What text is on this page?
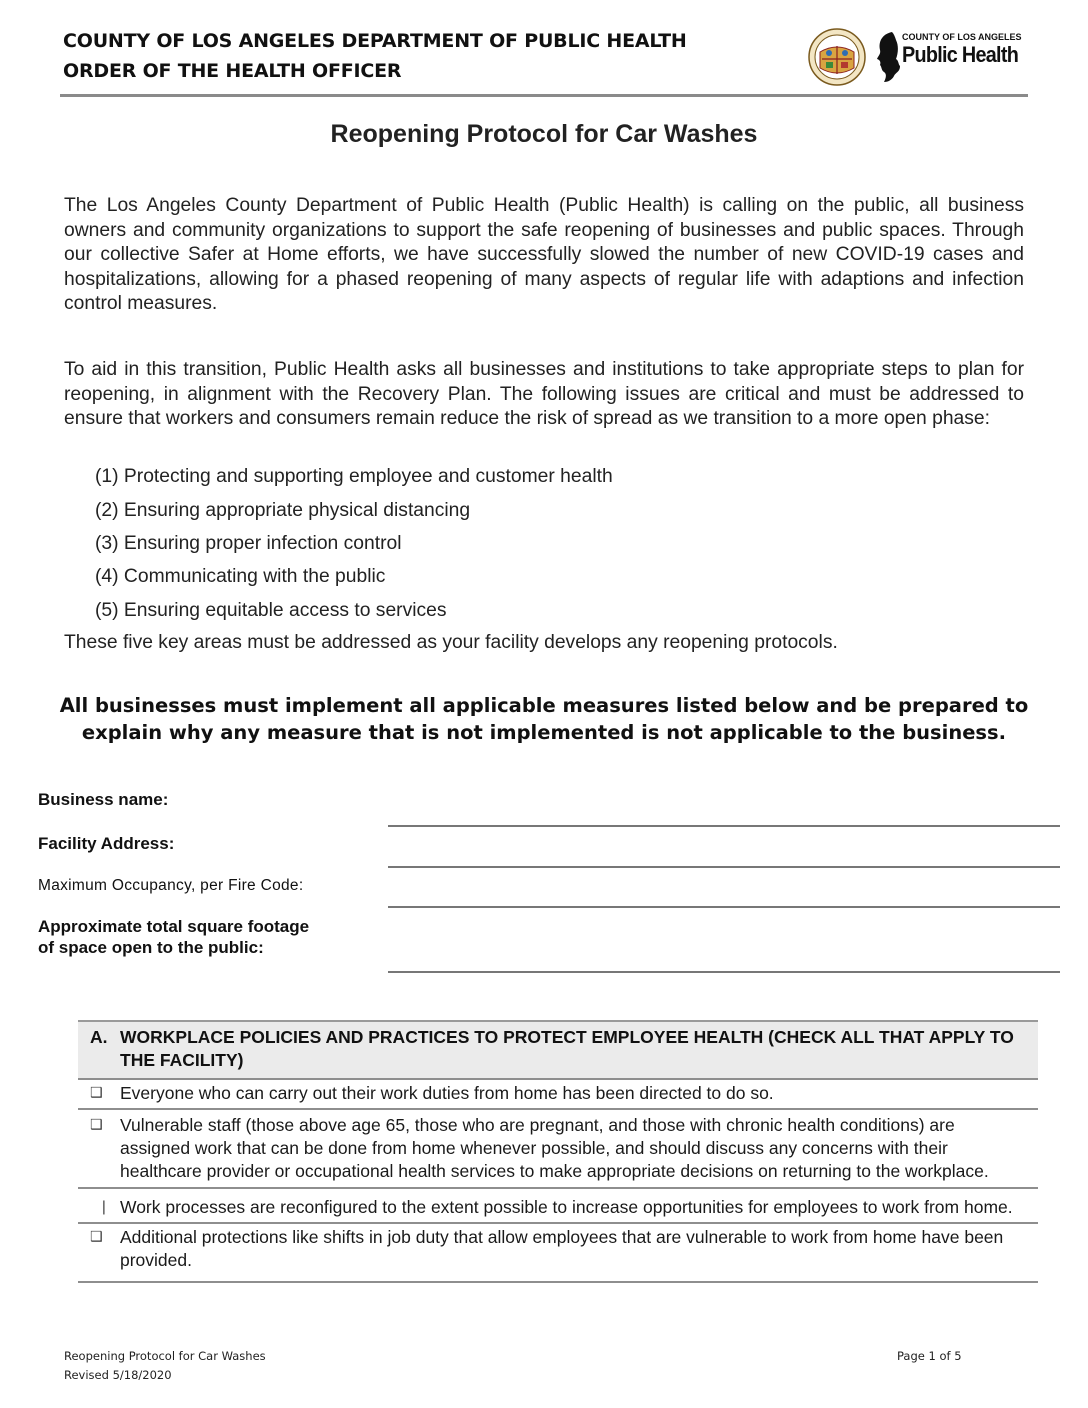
COUNTY OF LOS ANGELES DEPARTMENT OF PUBLIC HEALTH
ORDER OF THE HEALTH OFFICER
COUNTY OF LOS ANGELES
Public Health
Reopening Protocol for Car Washes
The Los Angeles County Department of Public Health (Public Health) is calling on the public, all business owners and community organizations to support the safe reopening of businesses and public spaces. Through our collective Safer at Home efforts, we have successfully slowed the number of new COVID-19 cases and hospitalizations, allowing for a phased reopening of many aspects of regular life with adaptions and infection control measures.
To aid in this transition, Public Health asks all businesses and institutions to take appropriate steps to plan for reopening, in alignment with the Recovery Plan. The following issues are critical and must be addressed to ensure that workers and consumers remain reduce the risk of spread as we transition to a more open phase:
(1) Protecting and supporting employee and customer health
(2) Ensuring appropriate physical distancing
(3) Ensuring proper infection control
(4) Communicating with the public
(5) Ensuring equitable access to services
These five key areas must be addressed as your facility develops any reopening protocols.
All businesses must implement all applicable measures listed below and be prepared to explain why any measure that is not implemented is not applicable to the business.
Business name:
Facility Address:
Maximum Occupancy, per Fire Code:
Approximate total square footage
of space open to the public:
A. WORKPLACE POLICIES AND PRACTICES TO PROTECT EMPLOYEE HEALTH (CHECK ALL THAT APPLY TO THE FACILITY)
❑ Everyone who can carry out their work duties from home has been directed to do so.
❑ Vulnerable staff (those above age 65, those who are pregnant, and those with chronic health conditions) are assigned work that can be done from home whenever possible, and should discuss any concerns with their healthcare provider or occupational health services to make appropriate decisions on returning to the workplace.
❘ Work processes are reconfigured to the extent possible to increase opportunities for employees to work from home.
❑ Additional protections like shifts in job duty that allow employees that are vulnerable to work from home have been provided.
Reopening Protocol for Car Washes
Revised 5/18/2020
Page 1 of 5
